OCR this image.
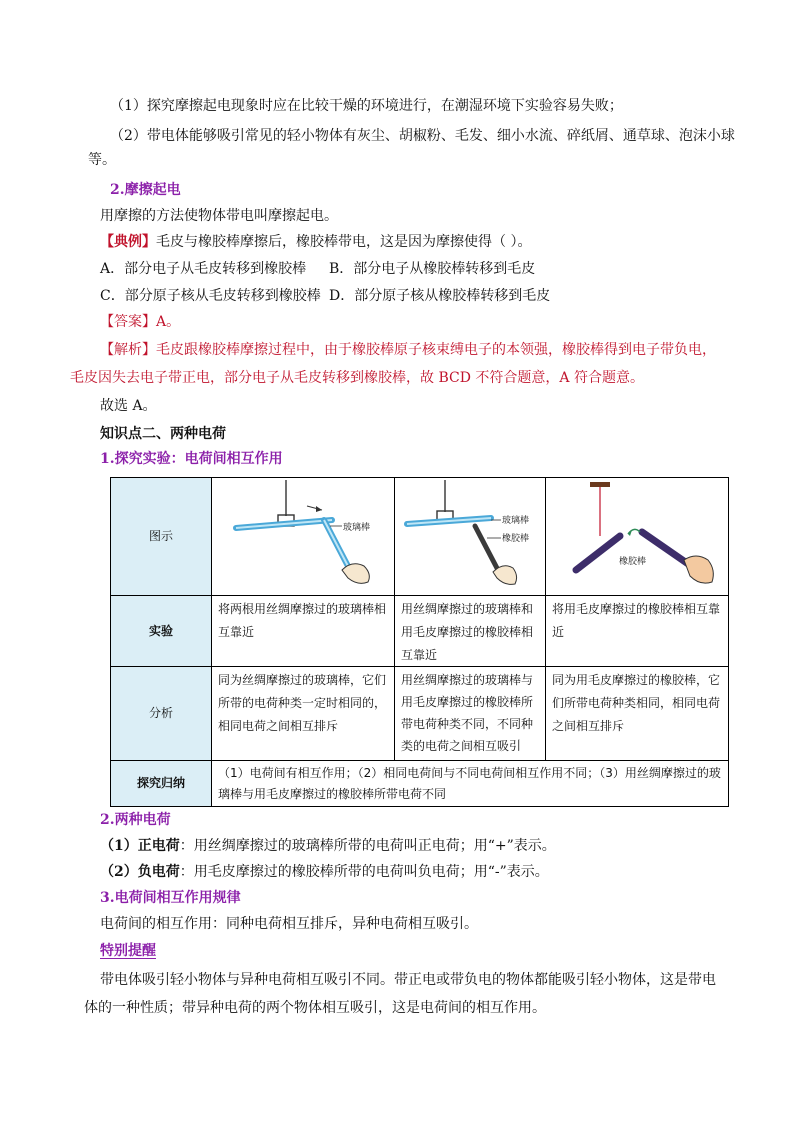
（1）探究摩擦起电现象时应在比较干燥的环境进行，在潮湿环境下实验容易失败；
（2）带电体能够吸引常见的轻小物体有灰尘、胡椒粉、毛发、细小水流、碎纸屑、通草球、泡沫小球
等。
2.摩擦起电
用摩擦的方法使物体带电叫摩擦起电。
【典例】毛皮与橡胶棒摩擦后，橡胶棒带电，这是因为摩擦使得（ ）。
A．部分电子从毛皮转移到橡胶棒 B．部分电子从橡胶棒转移到毛皮
C．部分原子核从毛皮转移到橡胶棒 D．部分原子核从橡胶棒转移到毛皮
【答案】A。
【解析】毛皮跟橡胶棒摩擦过程中，由于橡胶棒原子核束缚电子的本领强，橡胶棒得到电子带负电，
毛皮因失去电子带正电，部分电子从毛皮转移到橡胶棒，故 BCD 不符合题意，A 符合题意。
故选 A。
知识点二、两种电荷
1.探究实验：电荷间相互作用
图示
玻璃棒
玻璃棒
橡胶棒
橡胶棒
实验
将两根用丝绸摩擦过的玻璃棒相互靠近
用丝绸摩擦过的玻璃棒和用毛皮摩擦过的橡胶棒相互靠近
将用毛皮摩擦过的橡胶棒相互靠近
分析
同为丝绸摩擦过的玻璃棒，它们所带的电荷种类一定时相同的，相同电荷之间相互排斥
用丝绸摩擦过的玻璃棒与用毛皮摩擦过的橡胶棒所带电荷种类不同，不同种类的电荷之间相互吸引
同为用毛皮摩擦过的橡胶棒，它们所带电荷种类相同，相同电荷之间相互排斥
探究归纳
（1）电荷间有相互作用；（2）相同电荷间与不同电荷间相互作用不同；（3）用丝绸摩擦过的玻璃棒与用毛皮摩擦过的橡胶棒所带电荷不同
2.两种电荷
（1）正电荷：用丝绸摩擦过的玻璃棒所带的电荷叫正电荷；用“+”表示。
（2）负电荷：用毛皮摩擦过的橡胶棒所带的电荷叫负电荷；用“-”表示。
3.电荷间相互作用规律
电荷间的相互作用：同种电荷相互排斥，异种电荷相互吸引。
特别提醒
带电体吸引轻小物体与异种电荷相互吸引不同。带正电或带负电的物体都能吸引轻小物体，这是带电
体的一种性质；带异种电荷的两个物体相互吸引，这是电荷间的相互作用。
